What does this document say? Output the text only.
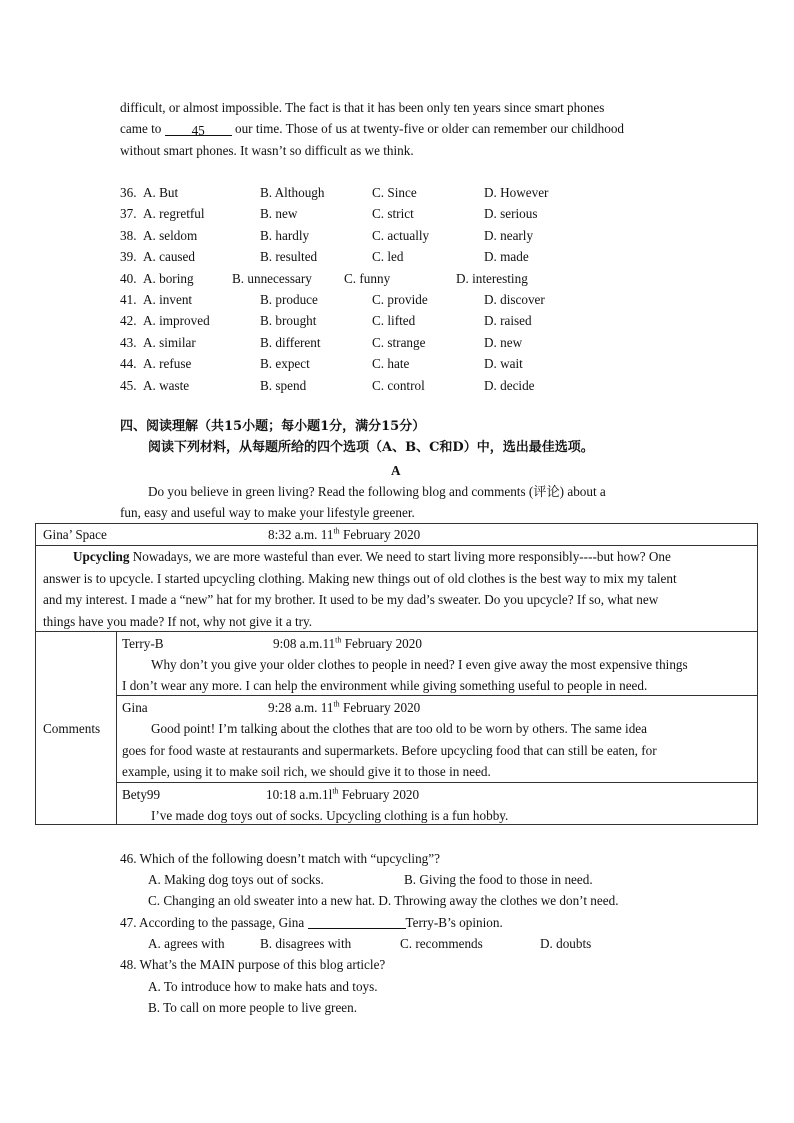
difficult, or almost impossible. The fact is that it has been only ten years since smart phones
came to 45 our time. Those of us at twenty-five or older can remember our childhood
without smart phones. It wasn’t so difficult as we think.
36. A. But	B. Although	C. Since	D. However
37. A. regretful	B. new	C. strict	D. serious
38. A. seldom	B. hardly	C. actually	D. nearly
39. A. caused	B. resulted	C. led	D. made
40. A. boring	B. unnecessary C. funny	D. interesting
41. A. invent	B. produce	C. provide	D. discover
42. A. improved	B. brought	C. lifted	D. raised
43. A. similar	B. different	C. strange	D. new
44. A. refuse	B. expect	C. hate	D. wait
45. A. waste	B. spend	C. control	D. decide
四、阅读理解（共15小题；每小题1分，满分15分）
阅读下列材料，从每题所给的四个选项（A、B、C和D）中，选出最佳选项。
A
Do you believe in green living? Read the following blog and comments (评论) about a
fun, easy and useful way to make your lifestyle greener.
Gina’ Space	8:32 a.m. 11th February 2020
Upcycling Nowadays, we are more wasteful than ever. We need to start living more responsibly----but how? One
answer is to upcycle. I started upcycling clothing. Making new things out of old clothes is the best way to mix my talent
and my interest. I made a “new” hat for my brother. It used to be my dad’s sweater. Do you upcycle? If so, what new
things have you made? If not, why not give it a try.
Comments
Terry-B	9:08 a.m.11th February 2020
Why don’t you give your older clothes to people in need? I even give away the most expensive things
I don’t wear any more. I can help the environment while giving something useful to people in need.
Gina	9:28 a.m. 11th February 2020
Good point! I’m talking about the clothes that are too old to be worn by others. The same idea
goes for food waste at restaurants and supermarkets. Before upcycling food that can still be eaten, for
example, using it to make soil rich, we should give it to those in need.
Bety99	10:18 $a.m.1l^{th}$ February 2020
I’ve made dog toys out of socks. Upcycling clothing is a fun hobby.
46. Which of the following doesn’t match with “upcycling”?
A. Making dog toys out of socks.	B. Giving the food to those in need.
C. Changing an old sweater into a new hat. D. Throwing away the clothes we don’t need.
47. According to the passage, Gina	Terry-B’s opinion.
A. agrees with	B. disagrees with	C. recommends	D. doubts
48. What’s the MAIN purpose of this blog article?
A. To introduce how to make hats and toys.
B. To call on more people to live green.
